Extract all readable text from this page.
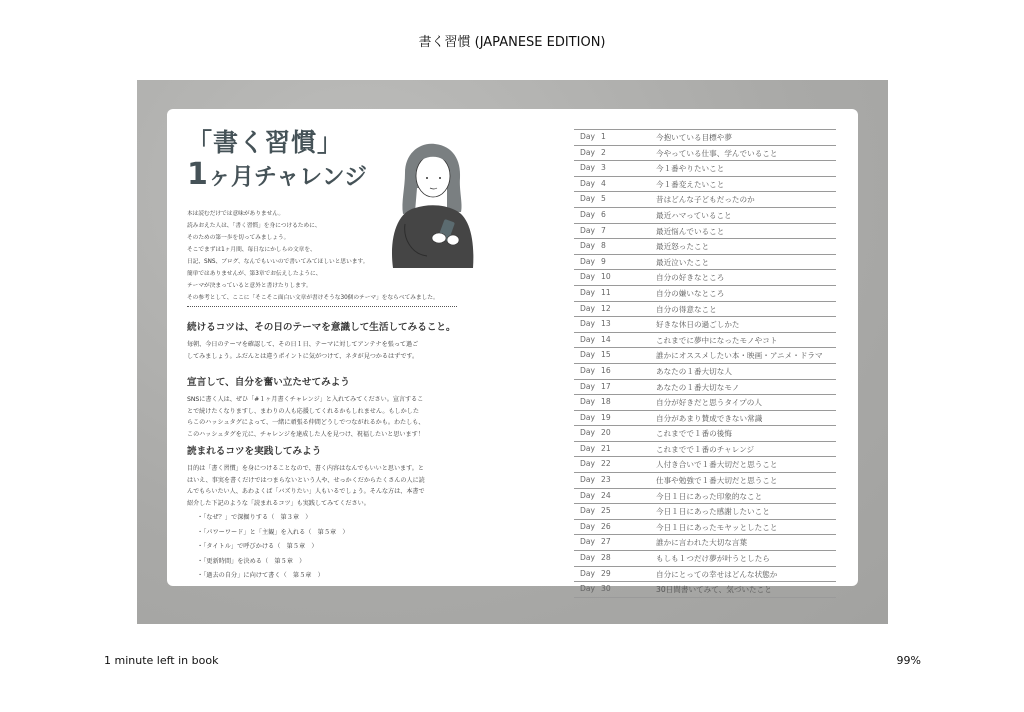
書く習慣 (JAPANESE EDITION)
「書く習慣」
1ヶ月チャレンジ
本は読むだけでは意味がありません。
読みおえた人は、「書く習慣」を身につけるために、
そのための第一歩を切ってみましょう。
そこでまずは1ヶ月間、毎日なにかしらの文章を、
日記、SNS、ブログ、なんでもいいので書いてみてほしいと思います。
簡単ではありませんが、第3章でお伝えしたように、
テーマが決まっていると意外と書けたりします。
その参考として、ここに「そこそこ面白い文章が書けそうな30個のテーマ」をならべてみました。
続けるコツは、その日のテーマを意識して生活してみること。

毎朝、今日のテーマを確認して、その日１日、テーマに対してアンテナを張って過ご
してみましょう。ふだんとは違うポイントに気がつけて、ネタが見つかるはずです。

宣言して、自分を奮い立たせてみよう

SNSに書く人は、ぜひ「#１ヶ月書くチャレンジ」と入れてみてください。宣言するこ
とで続けたくなりますし、まわりの人も応援してくれるかもしれません。もしかした
らこのハッシュタグによって、一緒に頑張る仲間どうしでつながれるかも。わたしも、
このハッシュタグを元に、チャレンジを達成した人を見つけ、祝福したいと思います！

読まれるコツを実践してみよう

目的は「書く習慣」を身につけることなので、書く内容はなんでもいいと思います。と
はいえ、事実を書くだけではつまらないという人や、せっかくだからたくさんの人に読
んでもらいたい人、あわよくば「バズりたい」人もいるでしょう。そんな方は、本書で
紹介した下記のような「読まれるコツ」も実践してみてください。

・「なぜ？」で深掘りする（　第３章　）
・「パワーワード」と「主観」を入れる（　第５章　）
・「タイトル」で呼びかける（　第５章　）
・「更新時間」を決める（　第５章　）
・「過去の自分」に向けて書く（　第５章　）
Day 1	今抱いている目標や夢
Day 2	今やっている仕事、学んでいること
Day 3	今１番やりたいこと
Day 4	今１番変えたいこと
Day 5	昔はどんな子どもだったのか
Day 6	最近ハマっていること
Day 7	最近悩んでいること
Day 8	最近怒ったこと
Day 9	最近泣いたこと
Day 10	自分の好きなところ
Day 11	自分の嫌いなところ
Day 12	自分の得意なこと
Day 13	好きな休日の過ごしかた
Day 14	これまでに夢中になったモノやコト
Day 15	誰かにオススメしたい本・映画・アニメ・ドラマ
Day 16	あなたの１番大切な人
Day 17	あなたの１番大切なモノ
Day 18	自分が好きだと思うタイプの人
Day 19	自分があまり賛成できない常識
Day 20	これまでで１番の後悔
Day 21	これまでで１番のチャレンジ
Day 22	人付き合いで１番大切だと思うこと
Day 23	仕事や勉強で１番大切だと思うこと
Day 24	今日１日にあった印象的なこと
Day 25	今日１日にあった感謝したいこと
Day 26	今日１日にあったモヤッとしたこと
Day 27	誰かに言われた大切な言葉
Day 28	もしも１つだけ夢が叶うとしたら
Day 29	自分にとっての幸せはどんな状態か
Day 30	30日間書いてみて、気づいたこと
1 minute left in book	99%
